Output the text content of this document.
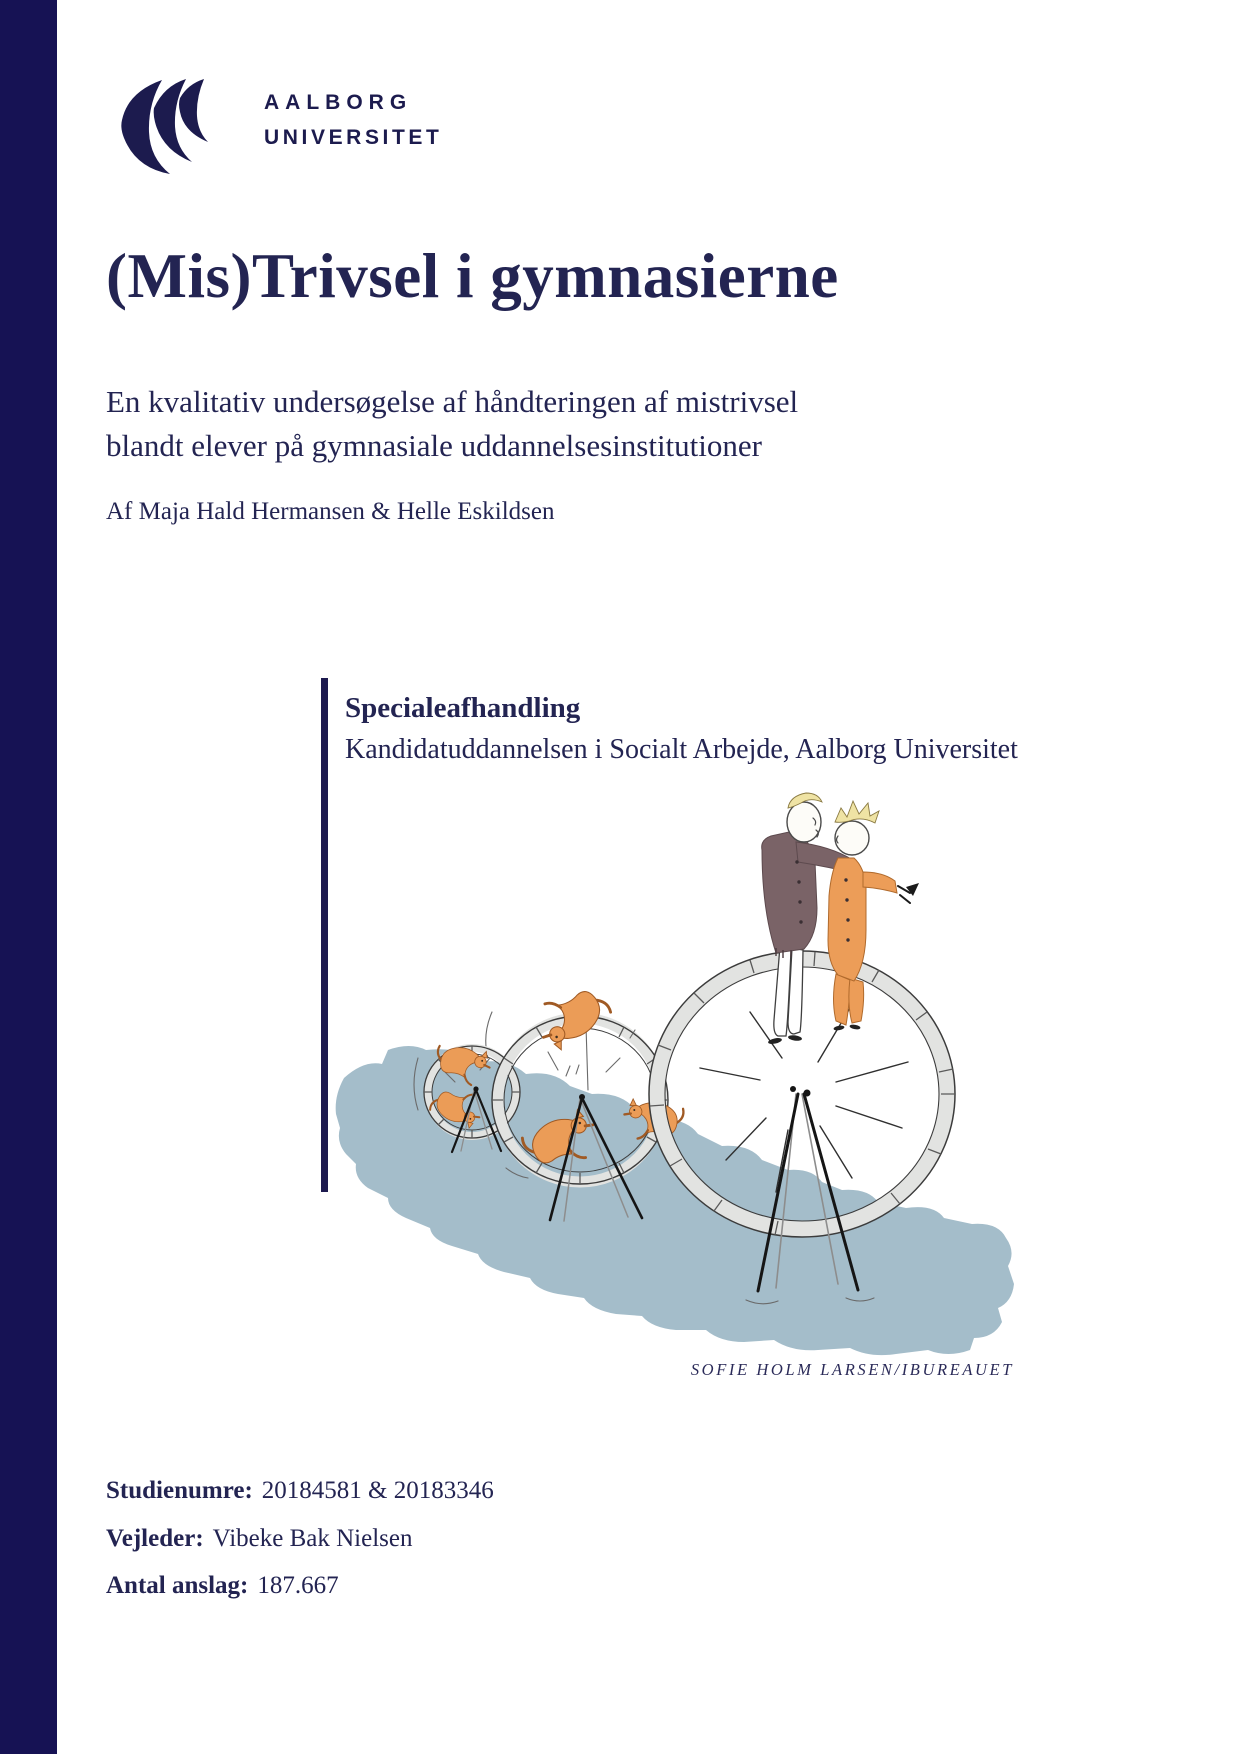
AALBORG
UNIVERSITET
(Mis)Trivsel i gymnasierne
En kvalitativ undersøgelse af håndteringen af mistrivsel
blandt elever på gymnasiale uddannelsesinstitutioner
Af Maja Hald Hermansen & Helle Eskildsen
Specialeafhandling
Kandidatuddannelsen i Socialt Arbejde, Aalborg Universitet
SOFIE HOLM LARSEN/IBUREAUET
Studienumre: 20184581 & 20183346
Vejleder: Vibeke Bak Nielsen
Antal anslag: 187.667
